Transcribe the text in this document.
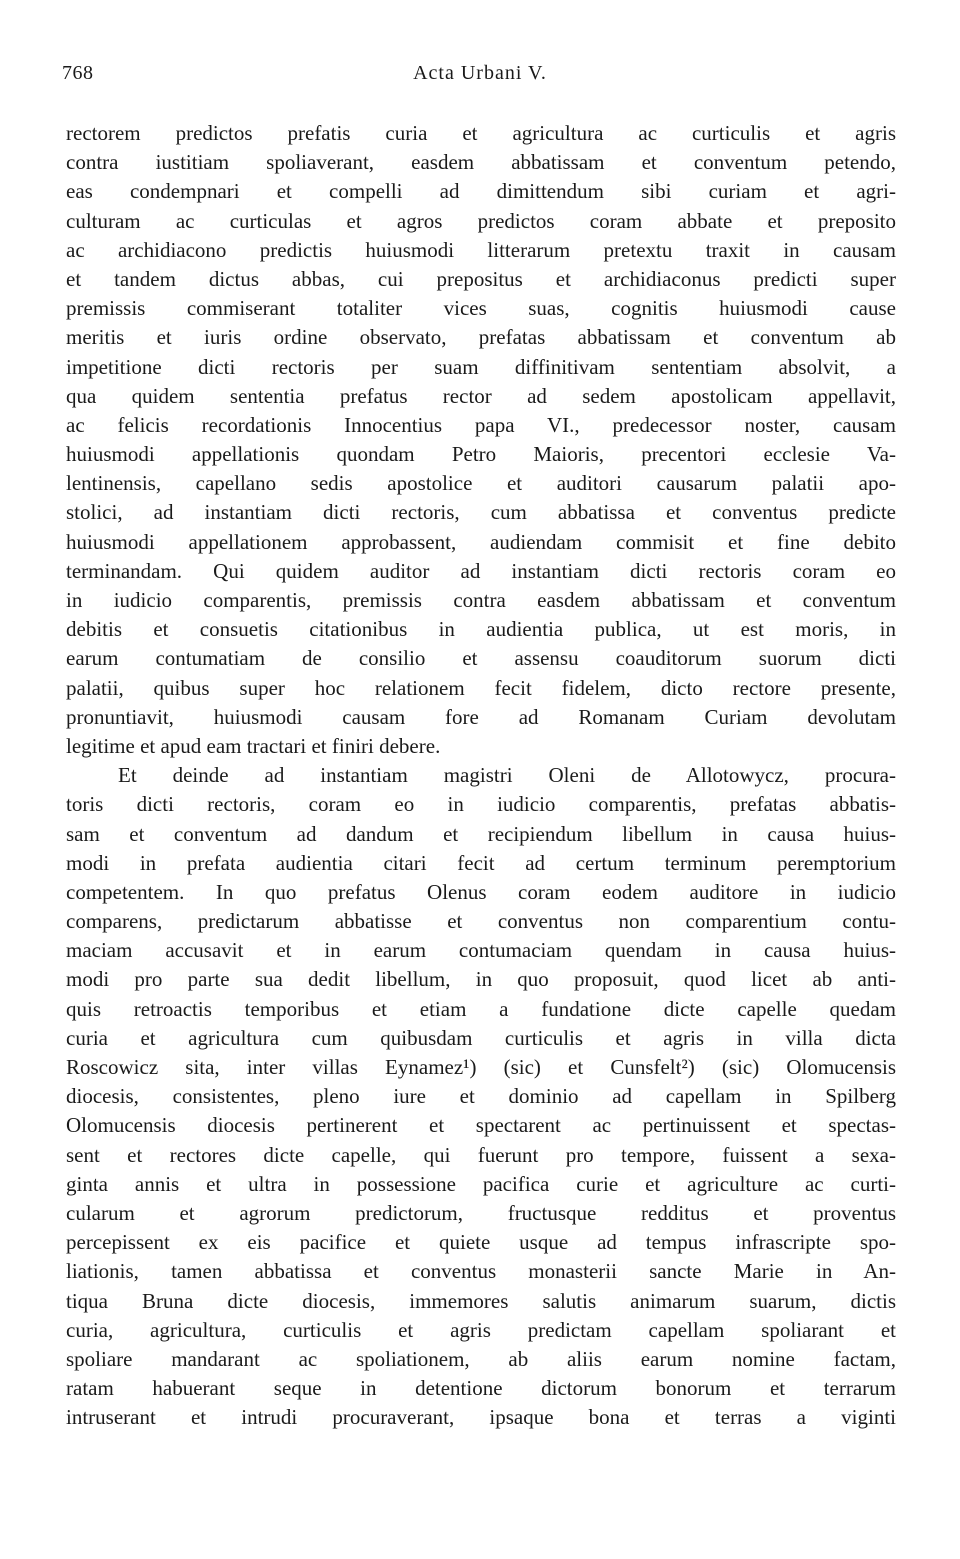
768	Acta Urbani V.
rectorem predictos prefatis curia et agricultura ac curticulis et agris
contra iustitiam spoliaverant, easdem abbatissam et conventum petendo,
eas condempnari et compelli ad dimittendum sibi curiam et agri-
culturam ac curticulas et agros predictos coram abbate et preposito
ac archidiacono predictis huiusmodi litterarum pretextu traxit in causam
et tandem dictus abbas, cui prepositus et archidiaconus predicti super
premissis commiserant totaliter vices suas, cognitis huiusmodi cause
meritis et iuris ordine observato, prefatas abbatissam et conventum ab
impetitione dicti rectoris per suam diffinitivam sententiam absolvit, a
qua quidem sententia prefatus rector ad sedem apostolicam appellavit,
ac felicis recordationis Innocentius papa VI., predecessor noster, causam
huiusmodi appellationis quondam Petro Maioris, precentori ecclesie Va-
lentinensis, capellano sedis apostolice et auditori causarum palatii apo-
stolici, ad instantiam dicti rectoris, cum abbatissa et conventus predicte
huiusmodi appellationem approbassent, audiendam commisit et fine debito
terminandam. Qui quidem auditor ad instantiam dicti rectoris coram eo
in iudicio comparentis, premissis contra easdem abbatissam et conventum
debitis et consuetis citationibus in audientia publica, ut est moris, in
earum contumatiam de consilio et assensu coauditorum suorum dicti
palatii, quibus super hoc relationem fecit fidelem, dicto rectore presente,
pronuntiavit, huiusmodi causam fore ad Romanam Curiam devolutam
legitime et apud eam tractari et finiri debere.
Et deinde ad instantiam magistri Oleni de Allotowycz, procura-
toris dicti rectoris, coram eo in iudicio comparentis, prefatas abbatis-
sam et conventum ad dandum et recipiendum libellum in causa huius-
modi in prefata audientia citari fecit ad certum terminum peremptorium
competentem. In quo prefatus Olenus coram eodem auditore in iudicio
comparens, predictarum abbatisse et conventus non comparentium contu-
maciam accusavit et in earum contumaciam quendam in causa huius-
modi pro parte sua dedit libellum, in quo proposuit, quod licet ab anti-
quis retroactis temporibus et etiam a fundatione dicte capelle quedam
curia et agricultura cum quibusdam curticulis et agris in villa dicta
Roscowicz sita, inter villas Eynamez¹) (sic) et Cunsfelt²) (sic) Olomucensis
diocesis, consistentes, pleno iure et dominio ad capellam in Spilberg
Olomucensis diocesis pertinerent et spectarent ac pertinuissent et spectas-
sent et rectores dicte capelle, qui fuerunt pro tempore, fuissent a sexa-
ginta annis et ultra in possessione pacifica curie et agriculture ac curti-
cularum et agrorum predictorum, fructusque redditus et proventus
percepissent ex eis pacifice et quiete usque ad tempus infrascripte spo-
liationis, tamen abbatissa et conventus monasterii sancte Marie in An-
tiqua Bruna dicte diocesis, immemores salutis animarum suarum, dictis
curia, agricultura, curticulis et agris predictam capellam spoliarant et
spoliare mandarant ac spoliationem, ab aliis earum nomine factam,
ratam habuerant seque in detentione dictorum bonorum et terrarum
intruserant et intrudi procuraverant, ipsaque bona et terras a viginti
